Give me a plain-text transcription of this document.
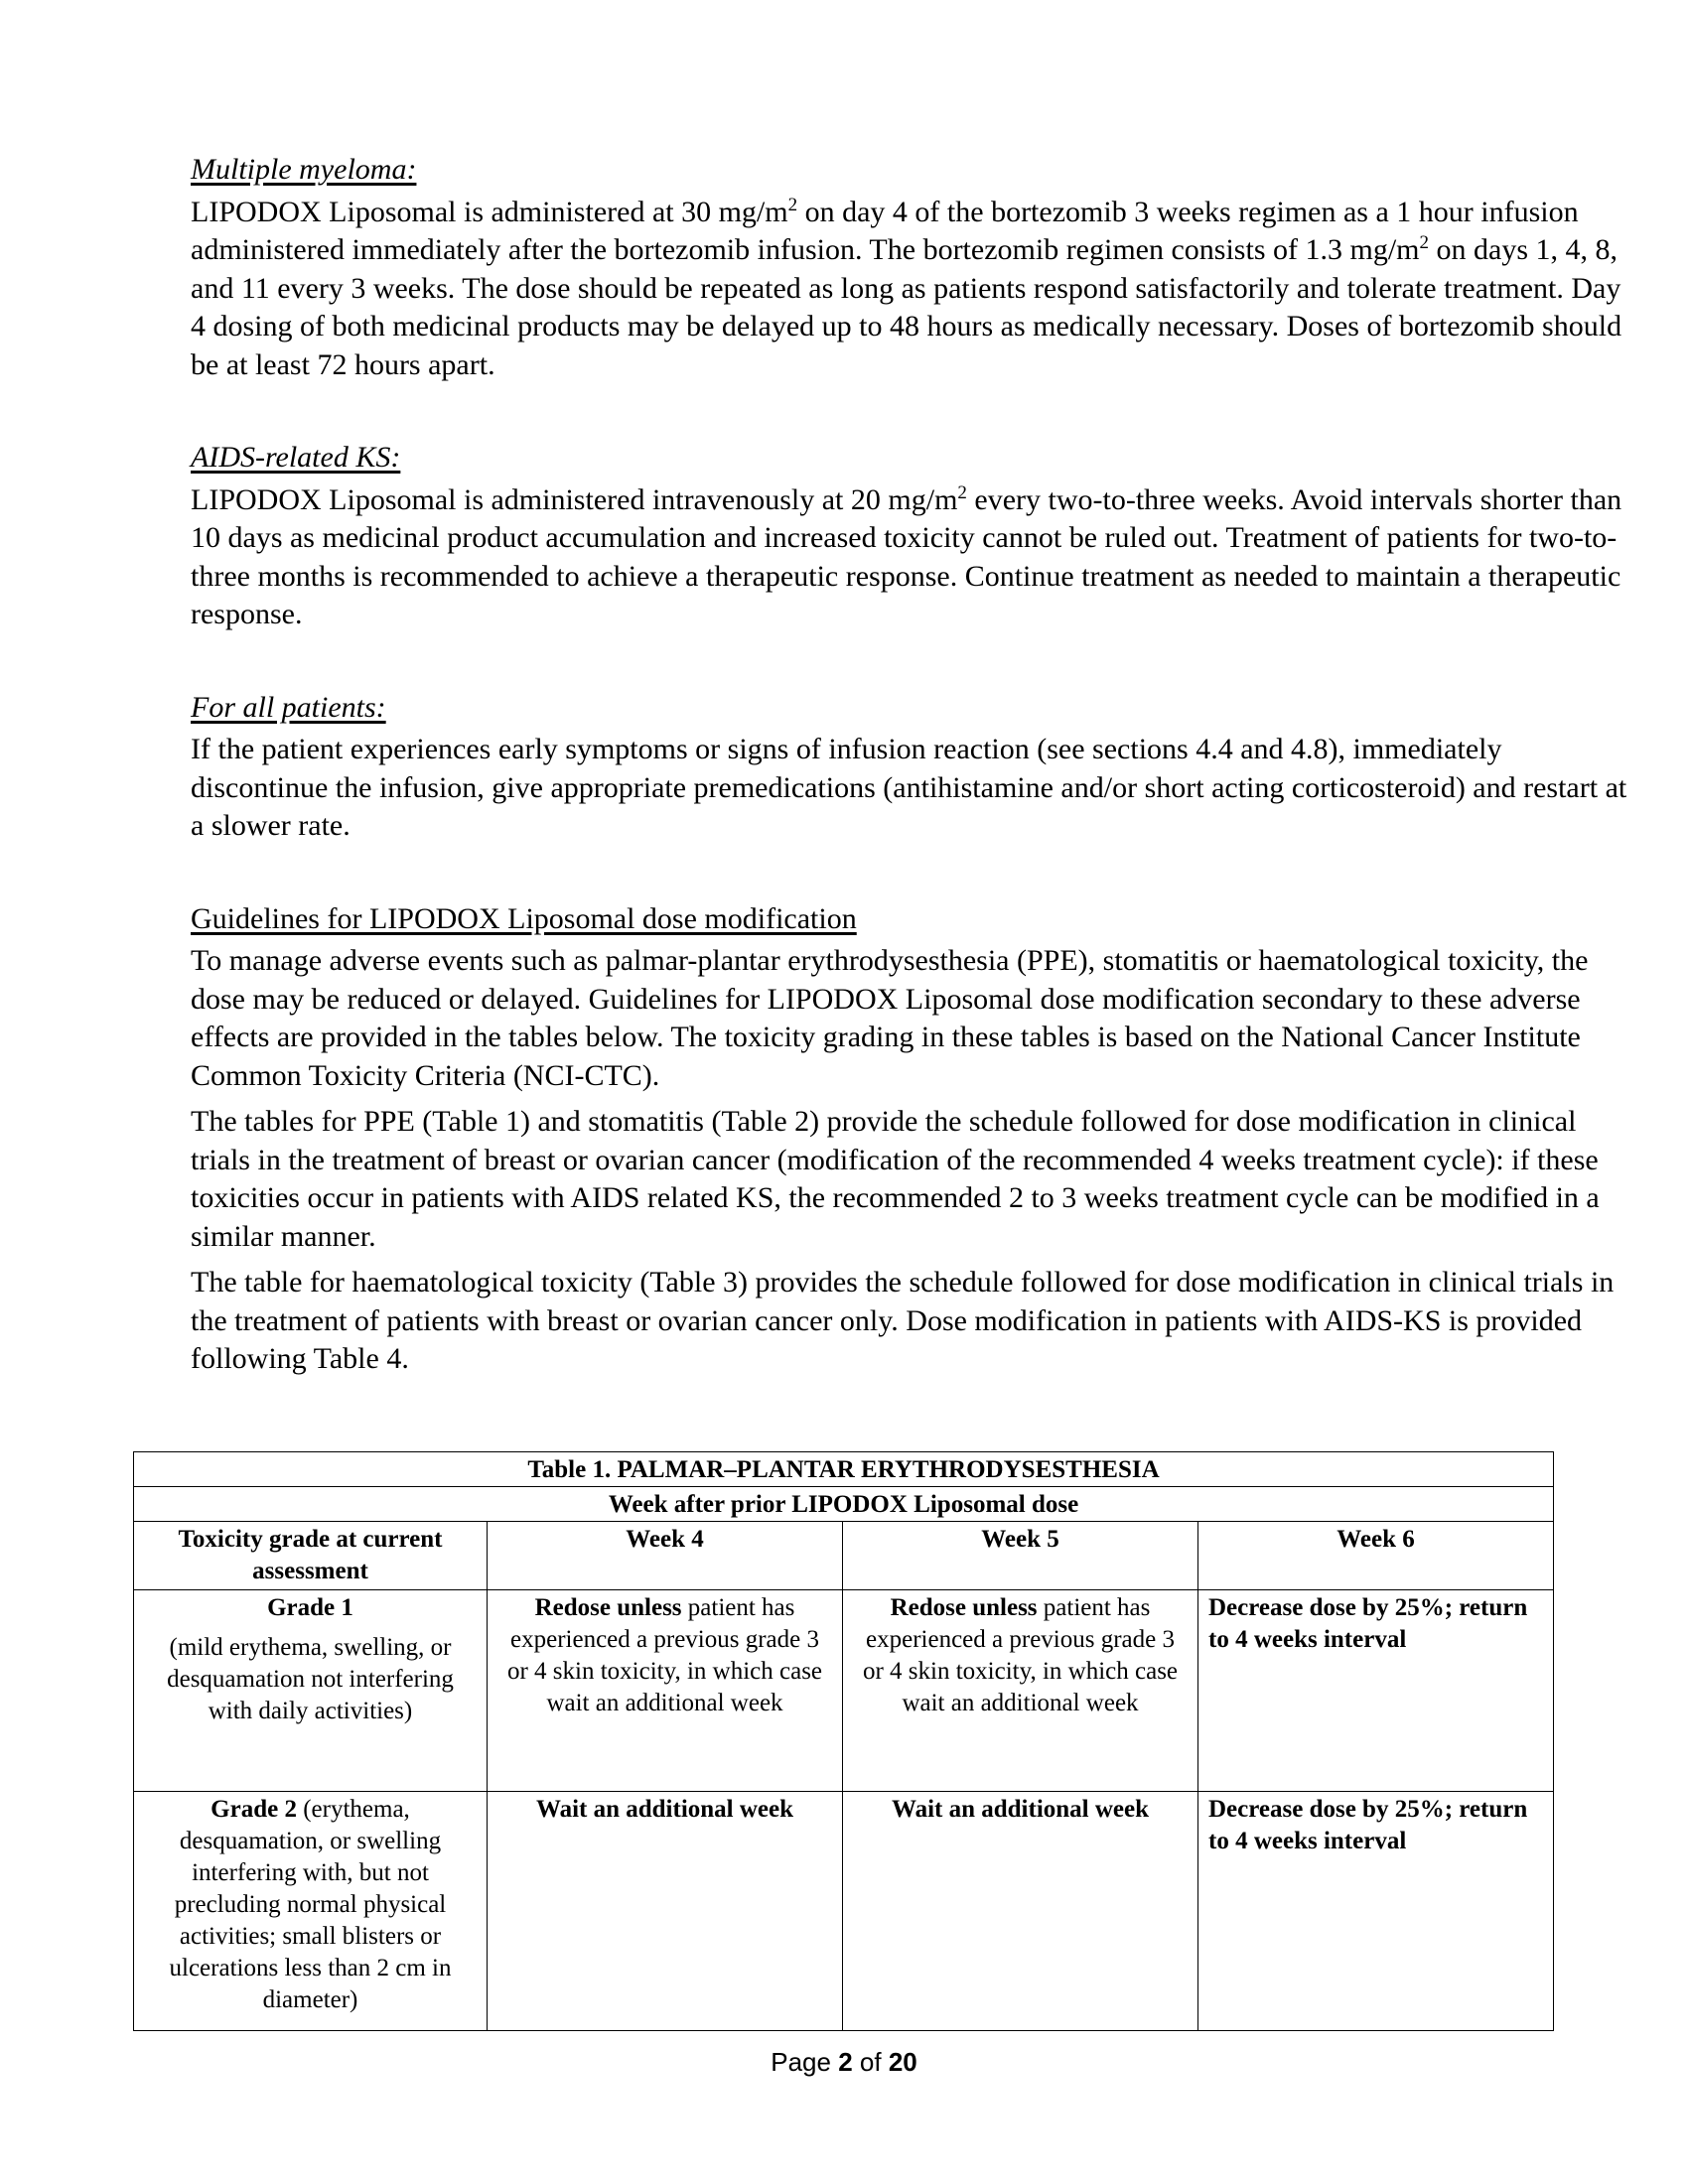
Multiple myeloma:

LIPODOX Liposomal is administered at 30 $mg/m^2$ on day 4 of the bortezomib 3 weeks regimen as a 1 hour infusion administered immediately after the bortezomib infusion. The bortezomib regimen consists of 1.3 $mg/m^2$ on days 1, 4, 8, and 11 every 3 weeks. The dose should be repeated as long as patients respond satisfactorily and tolerate treatment. Day 4 dosing of both medicinal products may be delayed up to 48 hours as medically necessary. Doses of bortezomib should be at least 72 hours apart.

AIDS-related KS:

LIPODOX Liposomal is administered intravenously at 20 $mg/m^2$ every two-to-three weeks. Avoid intervals shorter than 10 days as medicinal product accumulation and increased toxicity cannot be ruled out. Treatment of patients for two-to-three months is recommended to achieve a therapeutic response. Continue treatment as needed to maintain a therapeutic response.

For all patients:

If the patient experiences early symptoms or signs of infusion reaction (see sections 4.4 and 4.8), immediately discontinue the infusion, give appropriate premedications (antihistamine and/or short acting corticosteroid) and restart at a slower rate.

Guidelines for LIPODOX Liposomal dose modification

To manage adverse events such as palmar-plantar erythrodysesthesia (PPE), stomatitis or haematological toxicity, the dose may be reduced or delayed. Guidelines for LIPODOX Liposomal dose modification secondary to these adverse effects are provided in the tables below. The toxicity grading in these tables is based on the National Cancer Institute Common Toxicity Criteria (NCI-CTC).

The tables for PPE (Table 1) and stomatitis (Table 2) provide the schedule followed for dose modification in clinical trials in the treatment of breast or ovarian cancer (modification of the recommended 4 weeks treatment cycle): if these toxicities occur in patients with AIDS related KS, the recommended 2 to 3 weeks treatment cycle can be modified in a similar manner.

The table for haematological toxicity (Table 3) provides the schedule followed for dose modification in clinical trials in the treatment of patients with breast or ovarian cancer only. Dose modification in patients with AIDS-KS is provided following Table 4.

Table 1. PALMAR–PLANTAR ERYTHRODYSESTHESIA			
Week after prior LIPODOX Liposomal dose			
Toxicity grade at current assessment	Week 4	Week 5	Week 6

Grade 1
(mild erythema, swelling, or desquamation not interfering with daily activities)	Redose unless patient has experienced a previous grade 3 or 4 skin toxicity, in which case wait an additional week	Redose unless patient has experienced a previous grade 3 or 4 skin toxicity, in which case wait an additional week	Decrease dose by 25%; return to 4 weeks interval
Grade 2 (erythema, desquamation, or swelling interfering with, but not precluding normal physical activities; small blisters or ulcerations less than 2 cm in diameter)	Wait an additional week	Wait an additional week	Decrease dose by 25%; return to 4 weeks interval
Page 2 of 20
